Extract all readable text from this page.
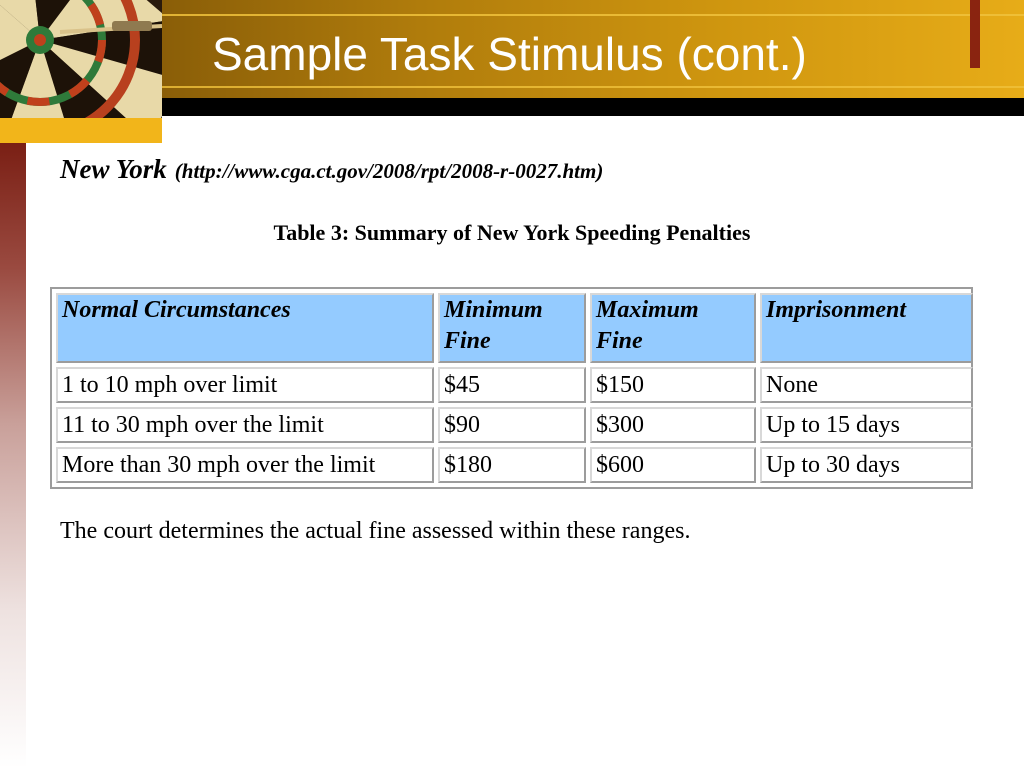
Sample Task Stimulus (cont.)
New York (http://www.cga.ct.gov/2008/rpt/2008-r-0027.htm)

Table 3: Summary of New York Speeding Penalties

Normal Circumstances	Minimum Fine	Maximum Fine	Imprisonment
1 to 10 mph over limit	$45	$150	None
11 to 30 mph over the limit	$90	$300	Up to 15 days
More than 30 mph over the limit	$180	$600	Up to 30 days

The court determines the actual fine assessed within these ranges.
